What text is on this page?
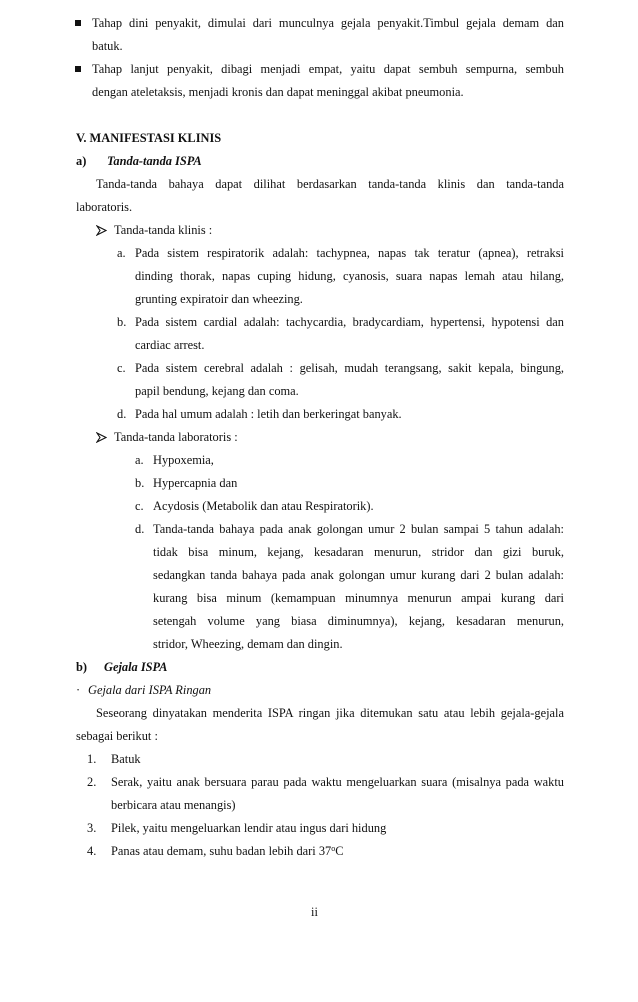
Tahap dini penyakit, dimulai dari munculnya gejala penyakit.Timbul gejala demam dan
batuk.
Tahap lanjut penyakit, dibagi menjadi empat, yaitu dapat sembuh sempurna, sembuh
dengan ateletaksis, menjadi kronis dan dapat meninggal akibat pneumonia.
V. MANIFESTASI KLINIS
a) Tanda-tanda ISPA
Tanda-tanda bahaya dapat dilihat berdasarkan tanda-tanda klinis dan tanda-tanda
laboratoris.
Tanda-tanda klinis :
a. Pada sistem respiratorik adalah: tachypnea, napas tak teratur (apnea), retraksi
dinding thorak, napas cuping hidung, cyanosis, suara napas lemah atau hilang,
grunting expiratoir dan wheezing.
b. Pada sistem cardial adalah: tachycardia, bradycardiam, hypertensi, hypotensi dan
cardiac arrest.
c. Pada sistem cerebral adalah : gelisah, mudah terangsang, sakit kepala, bingung,
papil bendung, kejang dan coma.
d. Pada hal umum adalah : letih dan berkeringat banyak.
Tanda-tanda laboratoris :
a. Hypoxemia,
b. Hypercapnia dan
c. Acydosis (Metabolik dan atau Respiratorik).
d. Tanda-tanda bahaya pada anak golongan umur 2 bulan sampai 5 tahun adalah:
tidak bisa minum, kejang, kesadaran menurun, stridor dan gizi buruk,
sedangkan tanda bahaya pada anak golongan umur kurang dari 2 bulan adalah:
kurang bisa minum (kemampuan minumnya menurun ampai kurang dari
setengah volume yang biasa diminumnya), kejang, kesadaran menurun,
stridor, Wheezing, demam dan dingin.
b) Gejala ISPA
· Gejala dari ISPA Ringan
Seseorang dinyatakan menderita ISPA ringan jika ditemukan satu atau lebih gejala-gejala
sebagai berikut :
1. Batuk
2. Serak, yaitu anak bersuara parau pada waktu mengeluarkan suara (misalnya pada waktu
berbicara atau menangis)
3. Pilek, yaitu mengeluarkan lendir atau ingus dari hidung
4. Panas atau demam, suhu badan lebih dari 37$^o$C
ii
